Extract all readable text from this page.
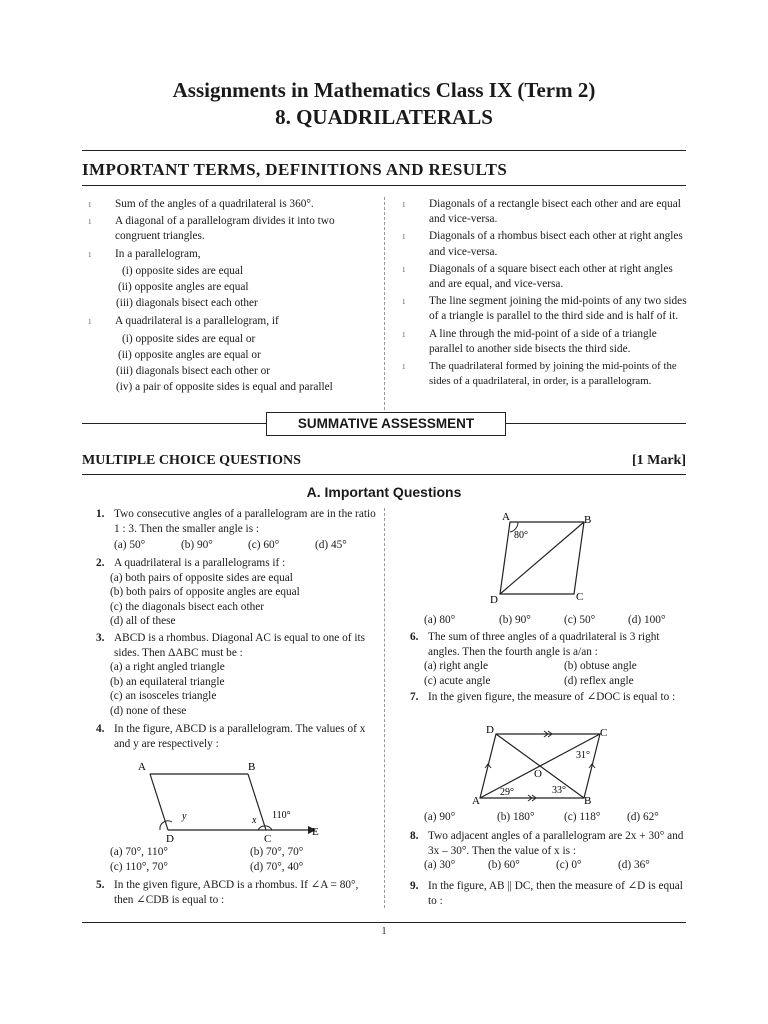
Assignments in Mathematics Class IX (Term 2)
8. QUADRILATERALS
IMPORTANT TERMS, DEFINITIONS AND RESULTS

1 Sum of the angles of a quadrilateral is 360°.

1 A diagonal of a parallelogram divides it into two congruent triangles.

1 In a parallelogram,

(i) opposite sides are equal

(ii) opposite angles are equal

(iii) diagonals bisect each other

1 A quadrilateral is a parallelogram, if

(i) opposite sides are equal or

(ii) opposite angles are equal or

(iii) diagonals bisect each other or

(iv) a pair of opposite sides is equal and parallel

1 Diagonals of a rectangle bisect each other and are equal and vice-versa.

1 Diagonals of a rhombus bisect each other at right angles and vice-versa.

1 Diagonals of a square bisect each other at right angles and are equal, and vice-versa.

1 The line segment joining the mid-points of any two sides of a triangle is parallel to the third side and is half of it.

1 A line through the mid-point of a side of a triangle parallel to another side bisects the third side.

1 The quadrilateral formed by joining the mid-points of the sides of a quadrilateral, in order, is a parallelogram.

SUMMATIVE ASSESSMENT
MULTIPLE CHOICE QUESTIONS	[1 Mark]
A. Important Questions
1. Two consecutive angles of a parallelogram are in the ratio 1 : 3. Then the smaller angle is :
(a) 50°	(b) 90°	(c) 60°	(d) 45°
2. A quadrilateral is a parallelograms if :
(a) both pairs of opposite sides are equal
(b) both pairs of opposite angles are equal
(c) the diagonals bisect each other
(d) all of these
3. ABCD is a rhombus. Diagonal AC is equal to one of its sides. Then ΔABC must be :
(a) a right angled triangle
(b) an equilateral triangle
(c) an isosceles triangle
(d) none of these
4. In the figure, ABCD is a parallelogram. The values of x and y are respectively :
A	B
D	C
E
y	x 110°
(a) 70°, 110°	(b) 70°, 70°
(c) 110°, 70°	(d) 70°, 40°
5. In the given figure, ABCD is a rhombus. If ∠A = 80°, then ∠CDB is equal to :
A	B
C
D
80°
(a) 80°	(b) 90°	(c) 50°	(d) 100°
6. The sum of three angles of a quadrilateral is 3 right angles. Then the fourth angle is a/an :
(a) right angle	(b) obtuse angle
(c) acute angle	(d) reflex angle
7. In the given figure, the measure of ∠DOC is equal to :
D	C
A	B
O
31°
29°	33°
(a) 90°	(b) 180°	(c) 118°	(d) 62°
8. Two adjacent angles of a parallelogram are 2x + 30° and 3x – 30°. Then the value of x is :
(a) 30°	(b) 60°	(c) 0°	(d) 36°
9. In the figure, AB || DC, then the measure of ∠D is equal to :
1
